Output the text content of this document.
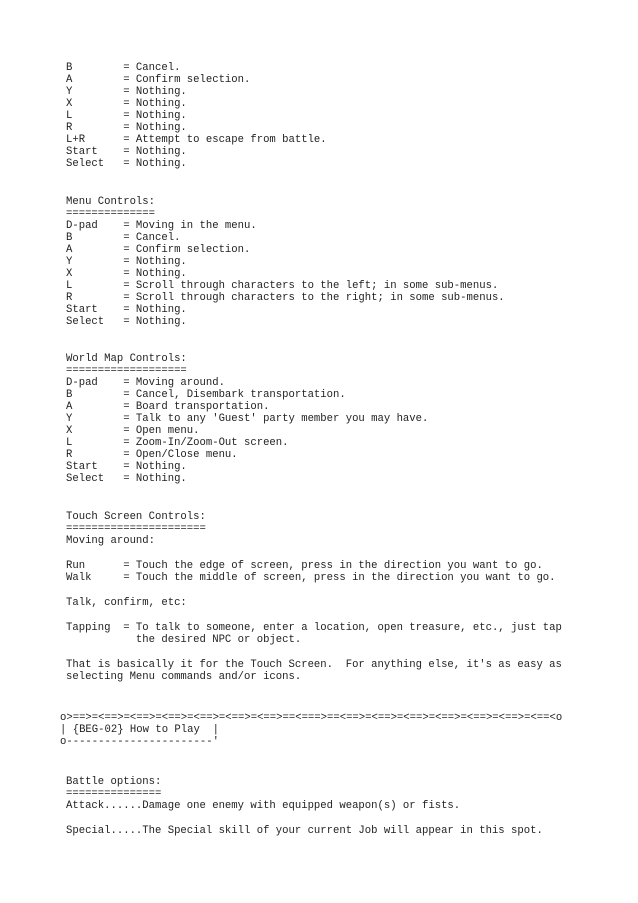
B        = Cancel.
A        = Confirm selection.
Y        = Nothing.
X        = Nothing.
L        = Nothing.
R        = Nothing.
L+R      = Attempt to escape from battle.
Start    = Nothing.
Select   = Nothing.
Menu Controls:
==============
D-pad    = Moving in the menu.
B        = Cancel.
A        = Confirm selection.
Y        = Nothing.
X        = Nothing.
L        = Scroll through characters to the left; in some sub-menus.
R        = Scroll through characters to the right; in some sub-menus.
Start    = Nothing.
Select   = Nothing.
World Map Controls:
===================
D-pad    = Moving around.
B        = Cancel, Disembark transportation.
A        = Board transportation.
Y        = Talk to any 'Guest' party member you may have.
X        = Open menu.
L        = Zoom-In/Zoom-Out screen.
R        = Open/Close menu.
Start    = Nothing.
Select   = Nothing.
Touch Screen Controls:
======================
Moving around:
Run      = Touch the edge of screen, press in the direction you want to go.
Walk     = Touch the middle of screen, press in the direction you want to go.
Talk, confirm, etc:
Tapping  = To talk to someone, enter a location, open treasure, etc., just tap
the desired NPC or object.
That is basically it for the Touch Screen.  For anything else, it's as easy as
selecting Menu commands and/or icons.
o>==>=<==>=<==>=<==>=<==>=<==>=<==>==<===>==<==>=<==>=<==>=<==>=<==>=<==>=<==<o
| {BEG-02} How to Play  |
o-----------------------'
Battle options:
===============
Attack......Damage one enemy with equipped weapon(s) or fists.
Special.....The Special skill of your current Job will appear in this spot.
